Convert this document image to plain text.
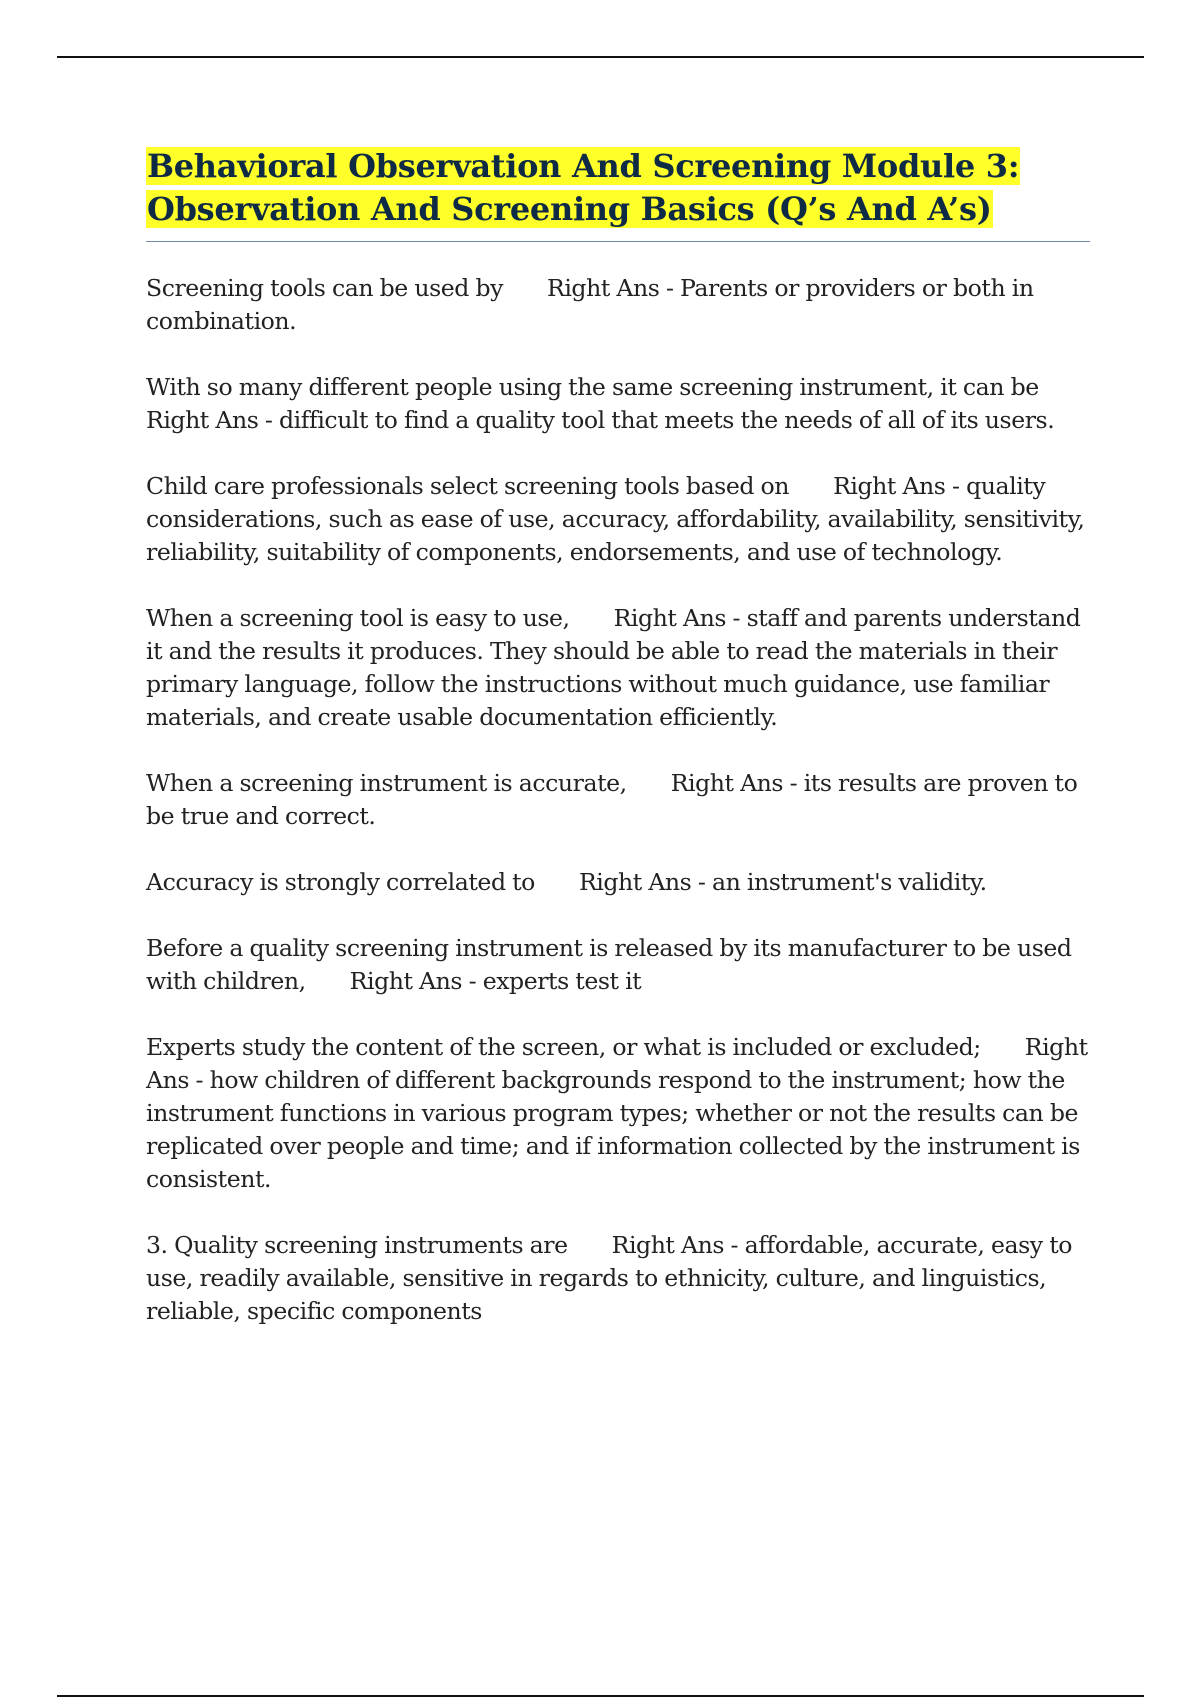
Behavioral Observation And Screening Module 3: Observation And Screening Basics (Q’s And A’s)

Screening tools can be used by Right Ans - Parents or providers or both in combination.

With so many different people using the same screening instrument, it can beRight Ans - difficult to find a quality tool that meets the needs of all of its users.

Child care professionals select screening tools based on Right Ans - quality considerations, such as ease of use, accuracy, affordability, availability, sensitivity, reliability, suitability of components, endorsements, and use of technology.

When a screening tool is easy to use, Right Ans - staff and parents understand it and the results it produces. They should be able to read the materials in their primary language, follow the instructions without much guidance, use familiar materials, and create usable documentation efficiently.

When a screening instrument is accurate, Right Ans - its results are proven to be true and correct.

Accuracy is strongly correlated to Right Ans - an instrument's validity.

Before a quality screening instrument is released by its manufacturer to be used with children, Right Ans - experts test it

Experts study the content of the screen, or what is included or excluded; Right Ans - how children of different backgrounds respond to the instrument; how the instrument functions in various program types; whether or not the results can be replicated over people and time; and if information collected by the instrument is consistent.

3. Quality screening instruments are Right Ans - affordable, accurate, easy to use, readily available, sensitive in regards to ethnicity, culture, and linguistics, reliable, specific components
